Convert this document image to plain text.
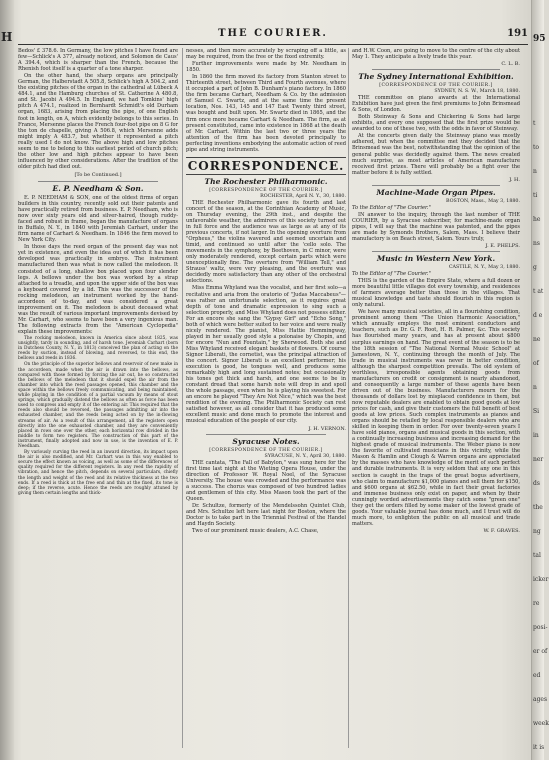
H	95
t
to
n
ti
he
ns
g
t at
d e
ne
of
n
Si
in
ner
ds
the
ng
tal
icker
re
posi-
er of
ed
ages
week
it is
THE COURIER.	191

Bedos' £ 378.6. In Germany, the low pitches I have found are few—Schlick's A 377, already noticed, and Solomon de Caus' A 394.4, which is sharper than the French, because the Rhenish foot itself is a quarter of a tone sharper.

On the other hand, the sharp organs are principally German, the Halberstadt A 505.8, Schlick's high A 504.2, and the existing pitches of the organ in the cathedral at Lübeck A 484.1, and the Hamburg churches of St. Catherine A 480.8, and St. Jacobi A 494.5. In England, we had Tomkins' high pitch A 474.1, realized in Bernhardt Schmidt's old Durham organ, 1683, arising from placing the pipe, of one English foot in length, on A, which evidently belongs to this series. In France, Mersenne places the French four-foot pipe on 8 G for the ton de chapelle, giving A 506.8, which Mersenne adds might imply A 483.7, but whether it represented a pitch really used I do not know. The above high and low pitches seem to me to belong to this earliest period of church pitch; the other low and high pitches appear to have been influenced by other considerations. After the tradition of the older pitch had died out.

[To be Continued.]
E. P. Needham & Son.

E. P. NEEDHAM & SON, one of the oldest firms of organ builders in this country, recently sold out their patents and have practically retired from business. E. P. Needham, who is now over sixty years old and silver-haired, though ruddy-faced and robust in frame, began the manufacture of organs in Buffalo, N. Y., in 1840 with Jeremiah Carhart, under the firm name of Carhart & Needham. In 1846 the firm moved to New York City.

In those days the reed organ of the present day was not yet in existence, and even the idea out of which it has been developed was practically in embryo. The instrument manufactured then was what is now called the melodeon. It consisted of a long, shallow box placed upon four slender legs. A bellows under the box was worked by a strap attached to a treadle, and upon the upper side of the box was a keyboard covered by a lid. This was the successor of the rocking melodeon, an instrument worked by the hand-accordeon of to-day, and was considered a great improvement on it. The melodeon is about deceased what was the result of various important improvements devised by Mr. Carhart, who seems to have been a very ingenious man. The following extracts from the "American Cyclopedia" explain these improvements:

The rocking melodeon, known in America since about 1825, was unsightly, tardy in sounding, and of harsh tone. Jeremiah Carhart (born in Dutchess County, N. Y., in 1813) conceived the plan of acting on the reeds by suction, instead of blowing, and reversed, to this end, the bellows and reeds in 1836.

On the principle of the superior bellows and reservoir of new make in the accordeon, made when the air is drawn into the bellows, as compared with those formed by forcing the air out, he so constructed the bellows of the melodeon that it should expel the air from the chamber into which the reed passages opened, this chamber and the space within the bellows freely communicating, and being maintained, while playing in the condition of a partial vacuum by means of stout springs, which gradually distend the bellows as often as force has been used to compress and empty it of the entering air. This required that the reeds also should be reversed, the passages admitting air into the exhausted chamber, and the reeds being acted on by the in-flowing streams of air. As a result of this arrangement, all the registers open directly into the one exhausted chamber, and they are conveniently placed in rows one over the other, each horizontal row divided in the middle to form two registers. The construction of this part of the instrument, finally adopted and now in use, is the invention of E. P. Needham.

By variously curving the reed in an inward direction, its impact upon the air is also modified, and Mr. Carhart was in this way enabled to secure the effect known as voicing, as well as some of the differences of quality required for the different registers. In any reed the rapidity of vibration, and hence the pitch, depends on several particulars, chiefly the length and weight of the reed and its relative thickness at the two ends. If a reed is thick at the free end and thin at the fixed, its tone is deep; if the reverse, acute. Hence the reeds are roughly attuned by giving them certain lengths and thick-

nesses, and then more accurately by scraping off a little, as may be required, from the free or the fixed extremity.

Further improvements were made by Mr. Needham in 1850.

In 1860 the firm moved its factory from Stanton street to Thirteenth street, between Third and Fourth avenues, where it occupied a part of John B. Dunham's piano factory. In 1860 the firm became Carhart, Needham & Co. by the admission of Samuel C. Swartz, and at the same time the present location, Nos. 143, 145 and 147 East Twenty third street, was bought and built upon. Mr. Swartz died in 1865, and the firm once more became Carhart & Needham. The firm, as at present constituted, came into existence in 1868 at the death of Mr. Carhart. Within the last two or three years the attention of the firm has been devoted principally to perfecting inventions embodying the automatic action of reed pipe and string instruments.

CORRESPONDENCE.
The Rochester Philharmonic.
[CORRESPONDENCE OF THE COURIER.]
ROCHESTER, April N. Y., 30, 1880.

THE Rochester Philharmonic gave its fourth and last concert of the season, at the Corinthian Academy of Music, on Thursday evening, the 29th inst., and despite the unfavorable weather, the admirers of this society turned out in full force and the audience was as large as at any of its previous concerts, if not larger. In the opening overture from "Orpheus," the violins wavered and seemed uncertain and timid, and continued so until after the 'cello solo. The movements in the symphony, by Beethoven, in C minor, were only moderately rendered, except certain parts which were unexceptionally fine. The overture from "William Tell," and Strauss' waltz, were very pleasing, and the overture was decidedly more satisfactory than any other of the orchestral selections.

Miss Emma Whyland was the vocalist, and her first solo—a recitative and aria from the oratorio of "Judas Maccabeus"—was rather an unfortunate selection, as it requires great depth of tone and dramatic expression to sing such a selection properly, and Miss Whyland does not possess either. For an encore she sang the "Gypsy Girl" and "Echo Song," both of which were better suited to her voice and were really nicely rendered. The pianist, Miss Hattie Hemmingway, played in her usually good style a polonaise by Chopin, and for encore "Nun and Fountain," by Sherwood. Both she and Miss Whyland received elegant baskets of flowers. Of course Signor Liberati, the cornetist, was the principal attraction of the concert. Signor Liberati is an excellent performer; his execution is good, he tongues well, and produces some remarkably high and long sustained notes; but occasionally his tones get thick and harsh, and one seems to be in constant dread that some harsh note will drop in and spoil the whole passage, even when he is playing his sweetest. For an encore he played "They Are Not Nice," which was the best rendition of the evening. The Philharmonic Society can rest satisfied however, as all consider that it has produced some excellent music and done much to promote the interest and musical education of the people of our city.

J. H. VERNON.
Syracuse Notes.
[CORRESPONDENCE OF THE COURIER.]
SYRACUSE, N. Y., April 30, 1880.

THE cantata, "The Fall of Babylon," was sung here for the first time last night at the Wieting Opera House, under the direction of Professor W. Royal Noel, of the Syracuse University. The house was crowded and the performance was a success. The chorus was composed of two hundred ladies and gentlemen of this city. Miss Mason took the part of the Queen.

Dr. Schultze, formerly of the Mendelssohn Quintet Club, and Mrs. Schultze left here last night for Boston, where the Doctor is to take part in the Triennial Festival of the Handel and Haydn Society.

Two of our prominent music dealers, A.C. Chase,

and H.W. Coon, are going to move to the centre of the city about May 1. They anticipate a lively trade this year.

C. L. B.
The Sydney International Exhibition.
[CORRESPONDENCE OF THE COURIER.]
SYDNEY, N. S. W., March 18, 1880.

THE committee on piano awards at the International Exhibition have just given the first premiums to John Brinsmead & Sons, of London.

Both Steinway & Sons and Chickering & Sons had large exhibits, and every one supposed that the first prize would be awarded to one of these two, with the odds in favor of Steinway.

At the concerts given daily the Steinway piano was mostly adhered, but when the committee met they decided that the Brinsmead was the best, notwithstanding that the opinion of the general public was decidedly against them. The news created much surprise, as most articles of American manufacture received first prizes. There will probably be a fight over the matter before it is fully settled.

J. H.
Machine-Made Organ Pipes.
BOSTON, Mass., May 3, 1880.

To the Editor of "The Courier."

IN answer to the inquiry, through the last number of THE COURIER, by a Syracuse subscriber, for machine-made organ pipes, I will say that the machine was patented, and the pipes are made by Symonds Brothers, Salem, Mass. I believe their manufactory is on Beach street, Salem. Yours truly,

J. E. PHELPS.
Music in Western New York.
CASTILE, N. Y., May 3, 1880.

To the Editor of "The Courier."

THIS is the garden of the Empire State, where a full dozen or more beautiful little villages dot every township, and residences of farmers average better than those in the villages. That musical knowledge and taste should flourish in this region is only natural.

We have many musical societies, all in a flourishing condition, prominent among them "The Union Harmonic Association," which annually employs the most eminent conductors and teachers, such as Dr. G. F. Root, H. R. Palmer, &c. This society has flourished many years, and has at present about $800 surplus earnings on hand. The great event of the season is to be the 18th session of "The National Normal Music School" at Jamestown, N. Y., continuing through the month of July. The trade in musical instruments was never in better condition, although the sharpest competition prevails. The old system of worthless, irresponsible agents obtaining goods from manufacturers on credit or consignment is nearly abandoned, and consequently a large number of these agents have been driven out of the business. Manufacturers mourn for the thousands of dollars lost by misplaced confidence in them, but now reputable dealers are enabled to obtain good goods at low prices for cash, and give their customers the full benefit of best goods at low prices. Such complex instruments as pianos and organs should be retailed by local responsible dealers who are skilled in keeping them in order. For over twenty-seven years I have sold pianos, organs and musical goods in this section, with a continually increasing business and increasing demand for the highest grade of musical instruments. The Weber piano is now the favorite of cultivated musicians in this vicinity, while the Mason & Hamlin and Clough & Warren organs are appreciated by the masses who have knowledge of the merit of such perfect and durable instruments. It is very seldom that any one in this section is caught in the traps of the great bogus advertisers, who claim to manufacture $1,000 pianos and sell them for $150, and $600 organs at $62.50, while in fact their great factories and immense business only exist on paper, and when by their cunningly worded advertisements they catch some "green one" they get the orders filled by some maker of the lowest grade of goods. Your valuable journal has done much, and I trust will do much more, to enlighten the public on all musical and trade matters.

W. F. GRAVES.
